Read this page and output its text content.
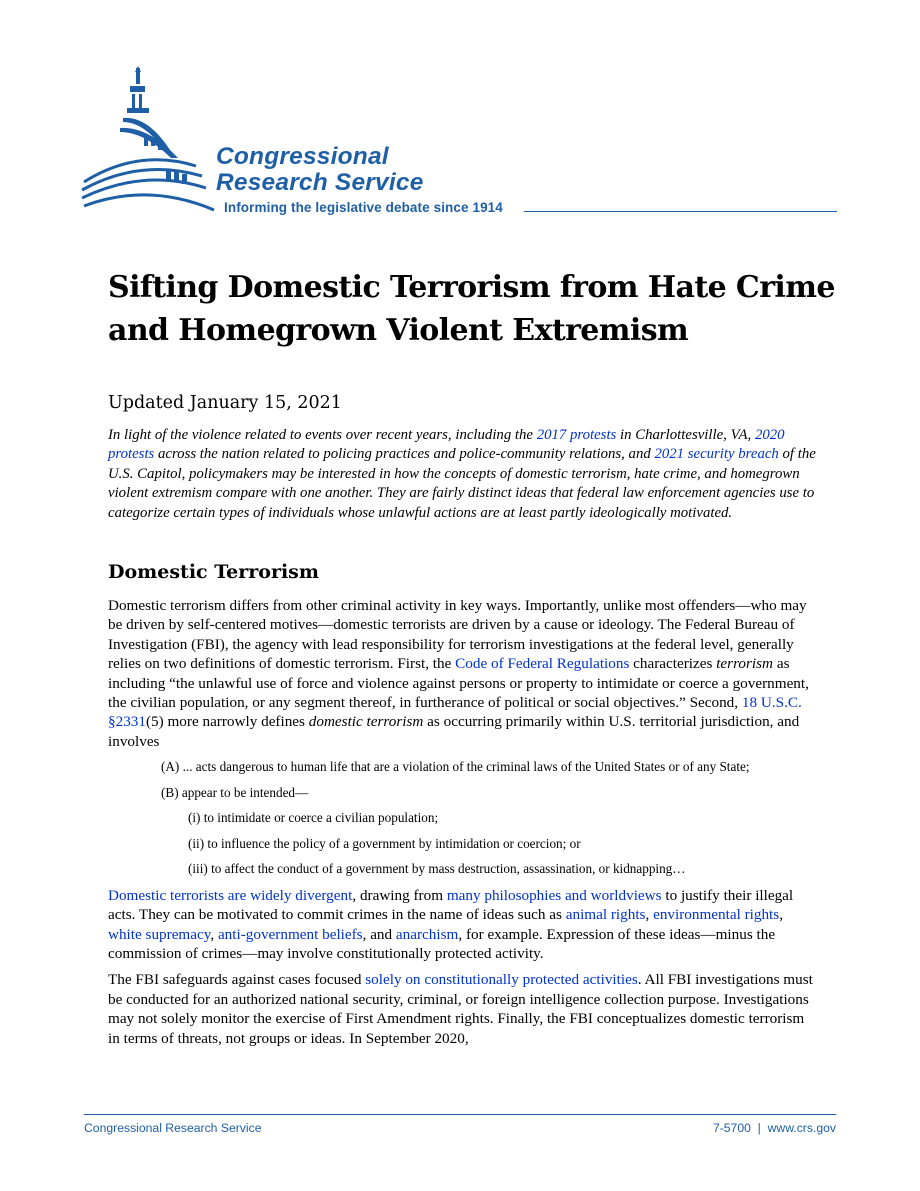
Congressional
Research Service
Informing the legislative debate since 1914
Sifting Domestic Terrorism from Hate Crime and Homegrown Violent Extremism
Updated January 15, 2021

In light of the violence related to events over recent years, including the 2017 protests in Charlottesville, VA, 2020 protests across the nation related to policing practices and police-community relations, and 2021 security breach of the U.S. Capitol, policymakers may be interested in how the concepts of domestic terrorism, hate crime, and homegrown violent extremism compare with one another. They are fairly distinct ideas that federal law enforcement agencies use to categorize certain types of individuals whose unlawful actions are at least partly ideologically motivated.

Domestic Terrorism

Domestic terrorism differs from other criminal activity in key ways. Importantly, unlike most offenders—who may be driven by self-centered motives—domestic terrorists are driven by a cause or ideology. The Federal Bureau of Investigation (FBI), the agency with lead responsibility for terrorism investigations at the federal level, generally relies on two definitions of domestic terrorism. First, the Code of Federal Regulations characterizes terrorism as including “the unlawful use of force and violence against persons or property to intimidate or coerce a government, the civilian population, or any segment thereof, in furtherance of political or social objectives.” Second, 18 U.S.C. §2331(5) more narrowly defines domestic terrorism as occurring primarily within U.S. territorial jurisdiction, and involves

(A) ... acts dangerous to human life that are a violation of the criminal laws of the United States or of any State;
(B) appear to be intended—
(i) to intimidate or coerce a civilian population;
(ii) to influence the policy of a government by intimidation or coercion; or
(iii) to affect the conduct of a government by mass destruction, assassination, or kidnapping…

Domestic terrorists are widely divergent, drawing from many philosophies and worldviews to justify their illegal acts. They can be motivated to commit crimes in the name of ideas such as animal rights, environmental rights, white supremacy, anti-government beliefs, and anarchism, for example. Expression of these ideas—minus the commission of crimes—may involve constitutionally protected activity.

The FBI safeguards against cases focused solely on constitutionally protected activities. All FBI investigations must be conducted for an authorized national security, criminal, or foreign intelligence collection purpose. Investigations may not solely monitor the exercise of First Amendment rights. Finally, the FBI conceptualizes domestic terrorism in terms of threats, not groups or ideas. In September 2020,

Congressional Research Service	7-5700  |  www.crs.gov
